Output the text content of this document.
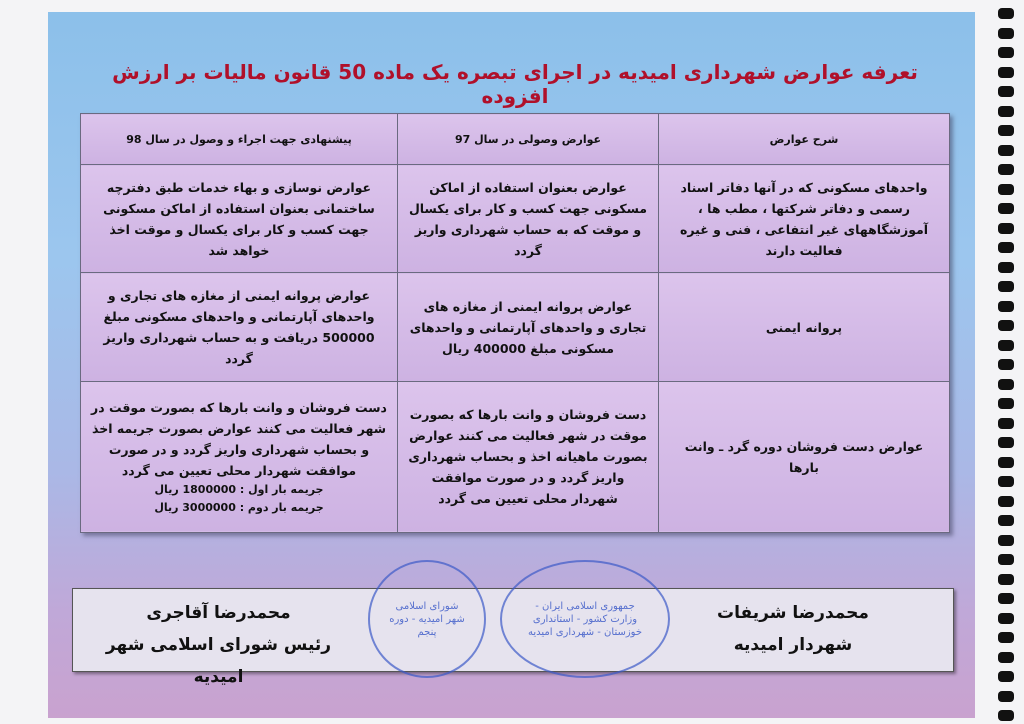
تعرفه عوارض شهرداری امیدیه در اجرای تبصره یک ماده 50 قانون مالیات بر ارزش افزوده
شرح عوارض	عوارض وصولی در سال 97	پیشنهادی جهت اجراء و وصول در سال 98
واحدهای مسکونی که در آنها دفاتر اسناد رسمی و دفاتر شرکتها ، مطب ها ، آموزشگاههای غیر انتفاعی ، فنی و غیره فعالیت دارند	عوارض بعنوان استفاده از اماکن مسکونی جهت کسب و کار برای یکسال و موقت که به حساب شهرداری واریز گردد	عوارض نوسازی و بهاء خدمات طبق دفترچه ساختمانی بعنوان استفاده از اماکن مسکونی جهت کسب و کار برای یکسال و موقت اخذ خواهد شد
پروانه ایمنی	عوارض پروانه ایمنی از مغازه های تجاری و واحدهای آپارتمانی و واحدهای مسکونی مبلغ 400000 ریال	عوارض پروانه ایمنی از مغازه های تجاری و واحدهای آپارتمانی و واحدهای مسکونی مبلغ 500000 دریافت و به حساب شهرداری واریز گردد
عوارض دست فروشان دوره گرد ـ وانت بارها	دست فروشان و وانت بارها که بصورت موقت در شهر فعالیت می کنند عوارض بصورت ماهیانه اخذ و بحساب شهرداری واریز گردد و در صورت موافقت شهردار محلی تعیین می گردد	دست فروشان و وانت بارها که بصورت موقت در شهر فعالیت می کنند عوارض بصورت جریمه اخذ و بحساب شهرداری واریز گردد و در صورت موافقت شهردار محلی تعیین می گردد
جریمه بار اول : 1800000 ریال
جریمه بار دوم : 3000000 ریال
محمدرضا شریفات
شهردار امیدیه
محمدرضا آقاجری
رئیس شورای اسلامی شهر امیدیه
شورای اسلامی شهر امیدیه - دوره پنجم
جمهوری اسلامی ایران - وزارت کشور - استانداری خوزستان - شهرداری امیدیه
